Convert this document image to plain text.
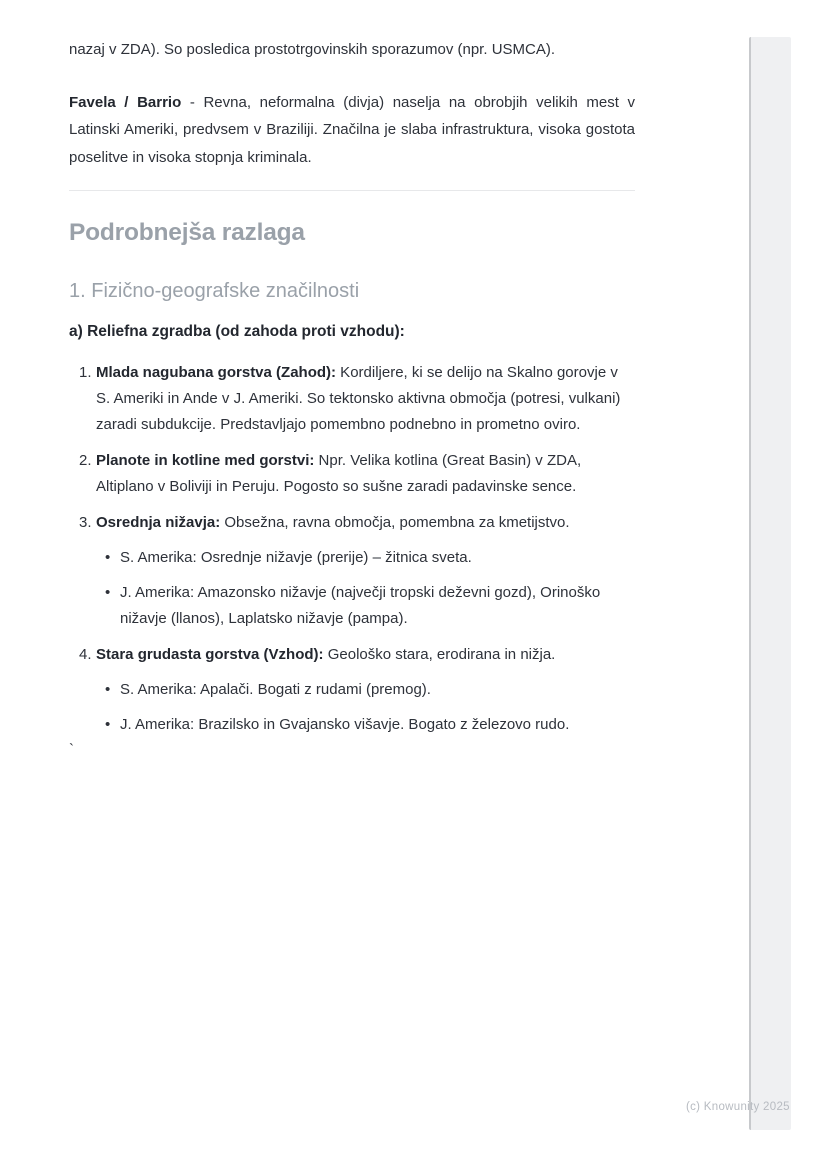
nazaj v ZDA). So posledica prostotrgovinskih sporazumov (npr. USMCA).

Favela / Barrio - Revna, neformalna (divja) naselja na obrobjih velikih mest v Latinski Ameriki, predvsem v Braziliji. Značilna je slaba infrastruktura, visoka gostota poselitve in visoka stopnja kriminala.

Podrobnejša razlaga
1. Fizično-geografske značilnosti

a) Reliefna zgradba (od zahoda proti vzhodu):

1. Mlada nagubana gorstva (Zahod): Kordiljere, ki se delijo na Skalno gorovje v S. Ameriki in Ande v J. Ameriki. So tektonsko aktivna območja (potresi, vulkani) zaradi subdukcije. Predstavljajo pomembno podnebno in prometno oviro.
2. Planote in kotline med gorstvi: Npr. Velika kotlina (Great Basin) v ZDA, Altiplano v Boliviji in Peruju. Pogosto so sušne zaradi padavinske sence.
3. Osrednja nižavja: Obsežna, ravna območja, pomembna za kmetijstvo.
• S. Amerika: Osrednje nižavje (prerije) – žitnica sveta.
• J. Amerika: Amazonsko nižavje (največji tropski deževni gozd), Orinoško nižavje (llanos), Laplatsko nižavje (pampa).
4. Stara grudasta gorstva (Vzhod): Geološko stara, erodirana in nižja.
• S. Amerika: Apalači. Bogati z rudami (premog).
• J. Amerika: Brazilsko in Gvajansko višavje. Bogato z železovo rudo.
`
(c) Knowunity 2025
